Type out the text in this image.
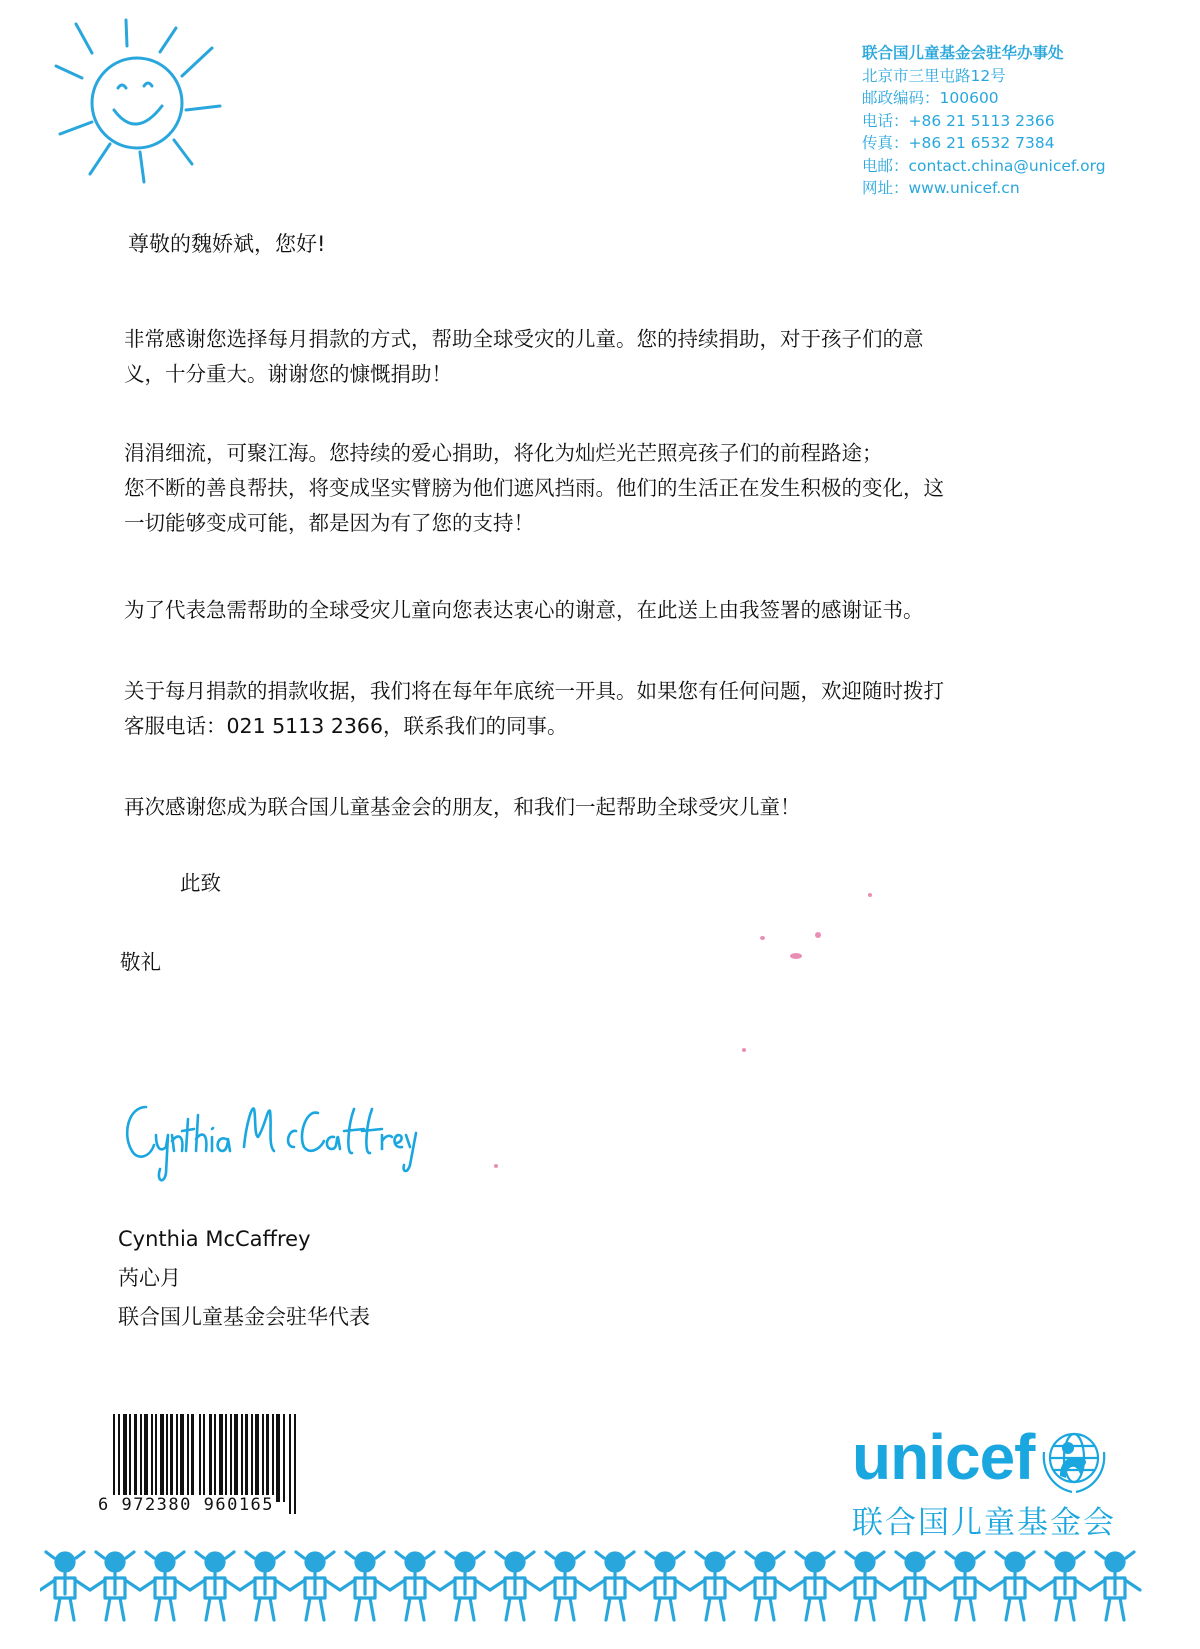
联合国儿童基金会驻华办事处
北京市三里屯路12号
邮政编码：100600
电话：+86 21 5113 2366
传真：+86 21 6532 7384
电邮：contact.china@unicef.org
网址：www.unicef.cn
尊敬的魏娇斌，您好!
非常感谢您选择每月捐款的方式，帮助全球受灾的儿童。您的持续捐助，对于孩子们的意
义，十分重大。谢谢您的慷慨捐助！
涓涓细流，可聚江海。您持续的爱心捐助，将化为灿烂光芒照亮孩子们的前程路途；
您不断的善良帮扶，将变成坚实臂膀为他们遮风挡雨。他们的生活正在发生积极的变化，这
一切能够变成可能，都是因为有了您的支持！
为了代表急需帮助的全球受灾儿童向您表达衷心的谢意，在此送上由我签署的感谢证书。
关于每月捐款的捐款收据，我们将在每年年底统一开具。如果您有任何问题，欢迎随时拨打
客服电话：021 5113 2366，联系我们的同事。
再次感谢您成为联合国儿童基金会的朋友，和我们一起帮助全球受灾儿童！
此致
敬礼
Cynthia McCaffrey
芮心月
联合国儿童基金会驻华代表
6 972380 960165
unicef
联合国儿童基金会
